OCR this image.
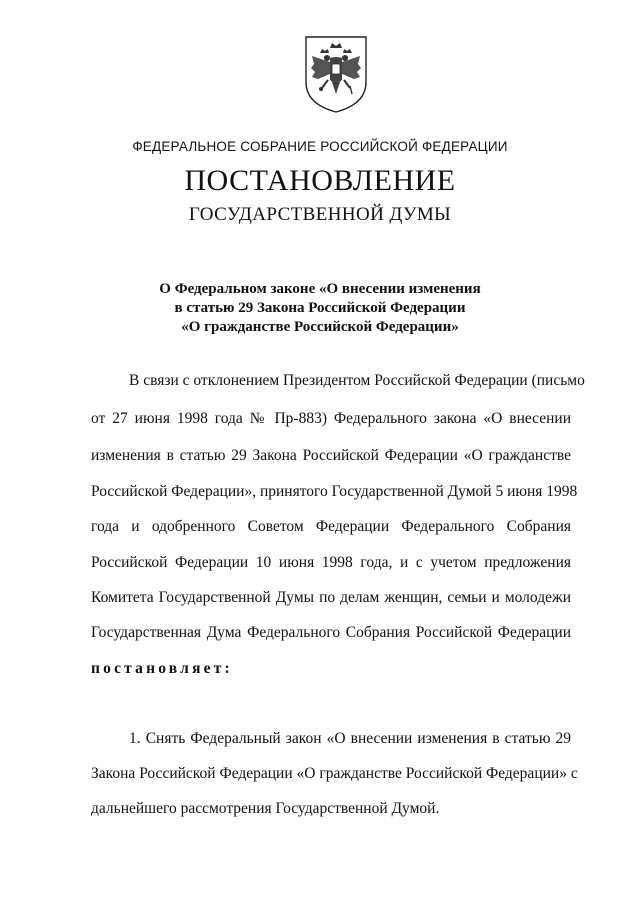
ФЕДЕРАЛЬНОЕ СОБРАНИЕ РОССИЙСКОЙ ФЕДЕРАЦИИ
ПОСТАНОВЛЕНИЕ
ГОСУДАРСТВЕННОЙ ДУМЫ
О Федеральном законе «О внесении изменения
в статью 29 Закона Российской Федерации
«О гражданстве Российской Федерации»
В связи с отклонением Президентом Российской Федерации (письмо
от 27 июня 1998 года № Пр-883) Федерального закона «О внесении
изменения в статью 29 Закона Российской Федерации «О гражданстве
Российской Федерации», принятого Государственной Думой 5 июня 1998
года и одобренного Советом Федерации Федерального Собрания
Российской Федерации 10 июня 1998 года, и с учетом предложения
Комитета Государственной Думы по делам женщин, семьи и молодежи
Государственная Дума Федерального Собрания Российской Федерации
постановляет:
1. Снять Федеральный закон «О внесении изменения в статью 29
Закона Российской Федерации «О гражданстве Российской Федерации» с
дальнейшего рассмотрения Государственной Думой.
